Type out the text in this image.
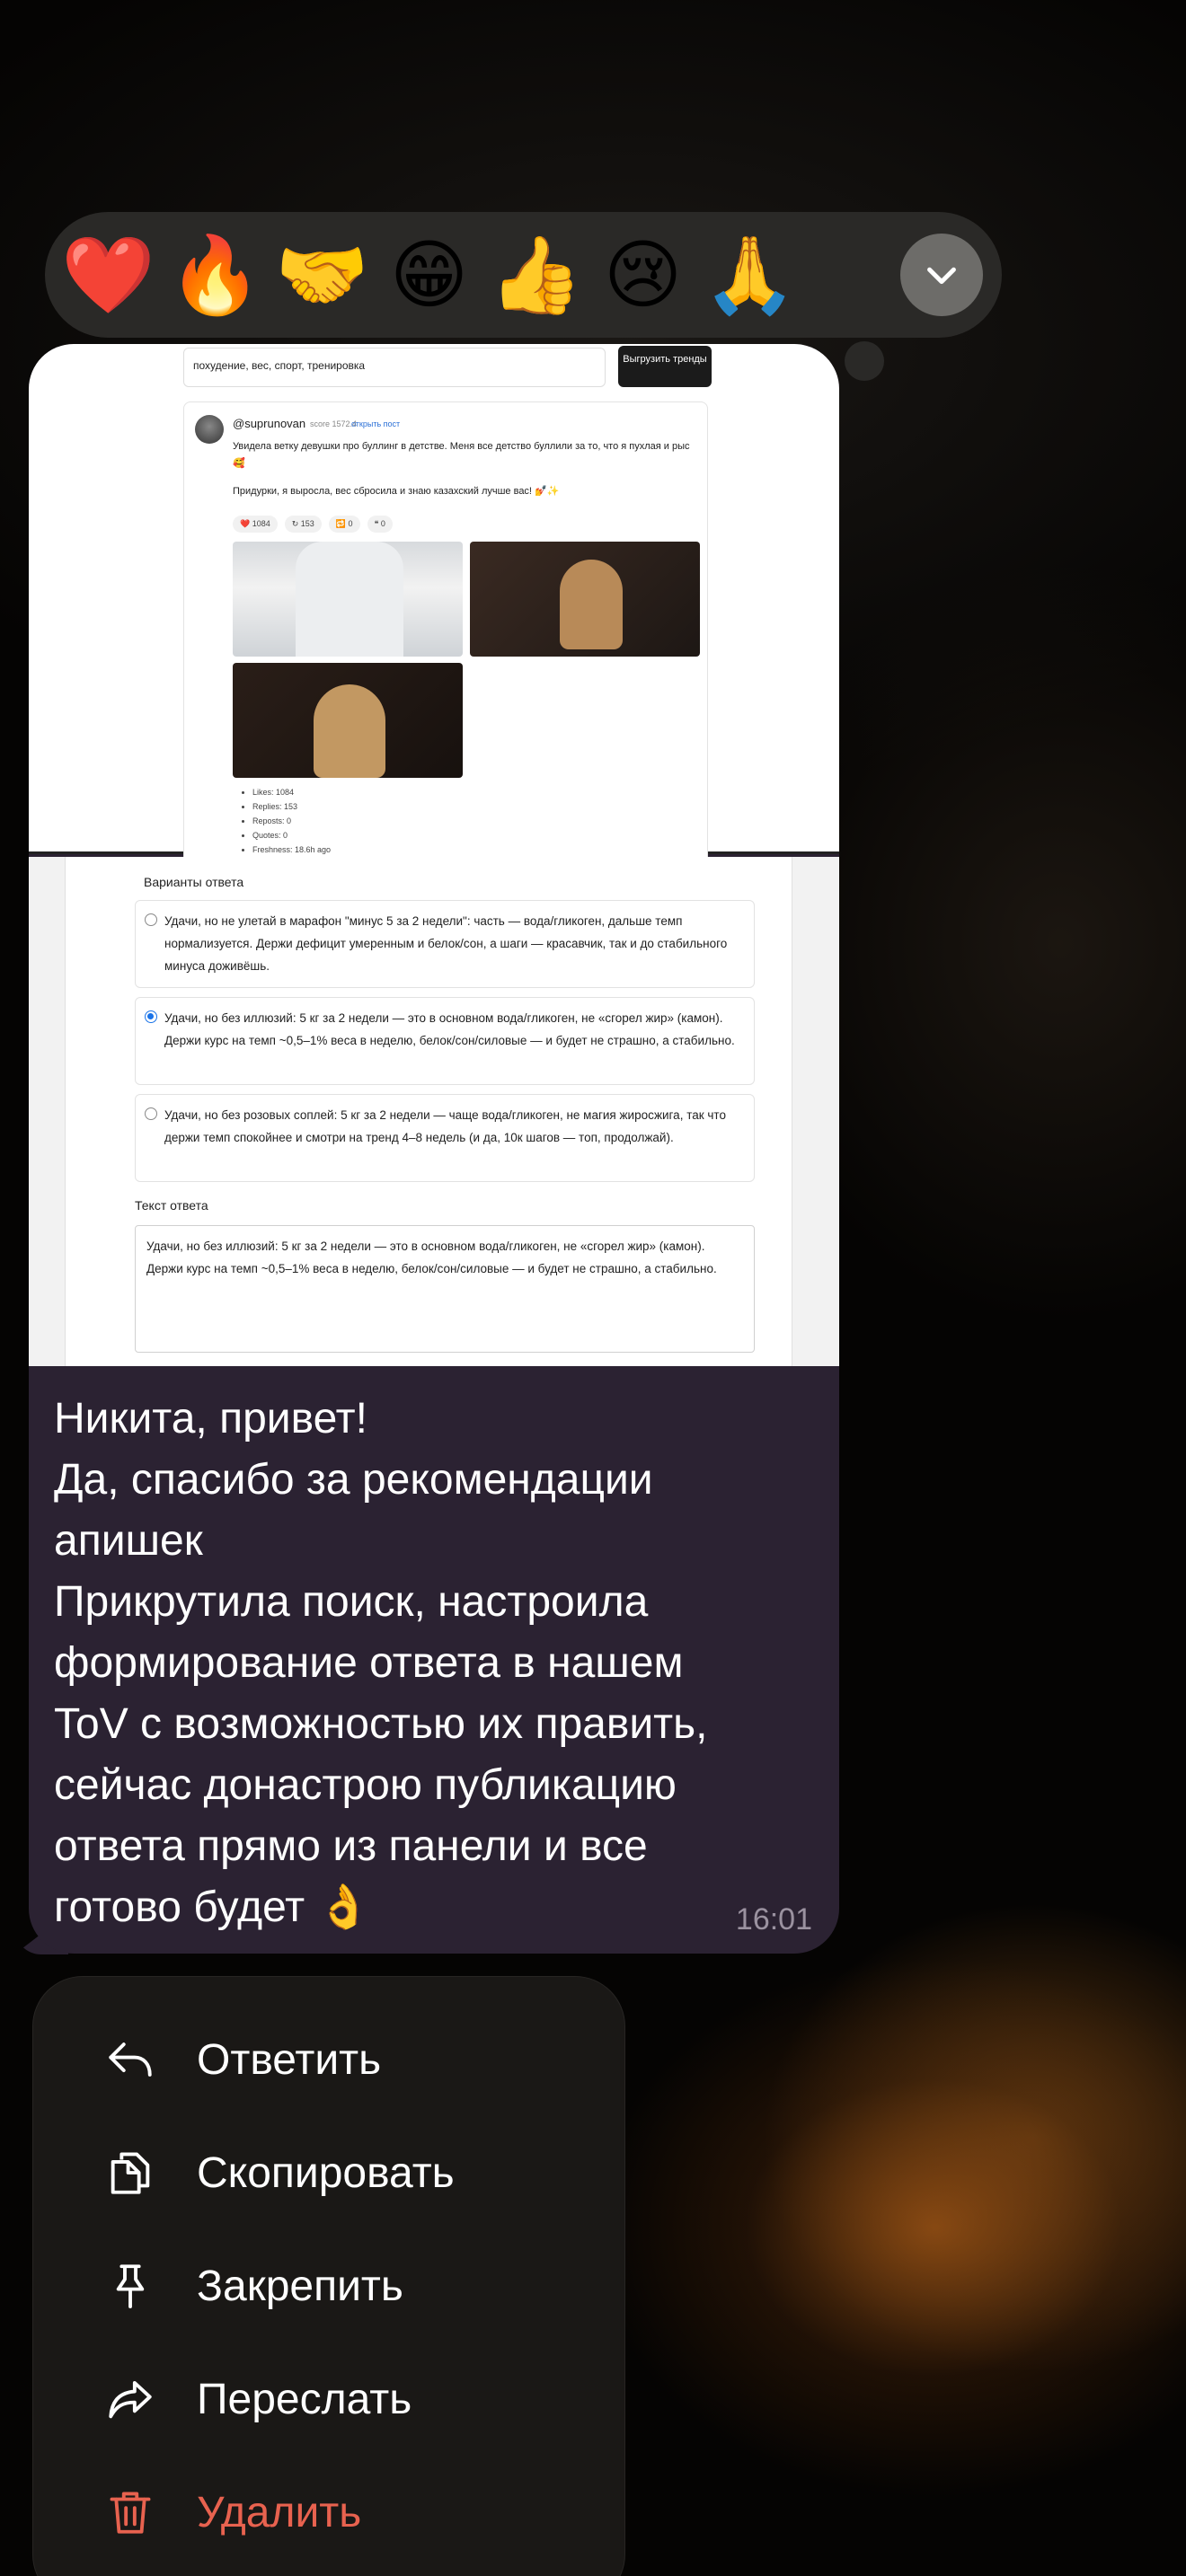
❤️ 🔥 🤝 😁 👍 😢 🙏
похудение, вес, спорт, тренировка	Выгрузить тренды
@suprunovan score 1572.4
открыть пост
Увидела ветку девушки про буллинг в детстве. Меня все детство буллили за то, что я пухлая и рыс 🥰
Придурки, я выросла, вес сбросила и знаю казахский лучше вас! 💅✨
❤️ 1084	↻ 153	🔁 0	❝ 0
• Likes: 1084
• Replies: 153
• Reposts: 0
• Quotes: 0
• Freshness: 18.6h ago
Варианты ответа
Удачи, но не улетай в марафон "минус 5 за 2 недели": часть — вода/гликоген, дальше темп нормализуется. Держи дефицит умеренным и белок/сон, а шаги — красавчик, так и до стабильного минуса доживёшь.
Удачи, но без иллюзий: 5 кг за 2 недели — это в основном вода/гликоген, не «сгорел жир» (камон). Держи курс на темп ~0,5–1% веса в неделю, белок/сон/силовые — и будет не страшно, а стабильно.
Удачи, но без розовых соплей: 5 кг за 2 недели — чаще вода/гликоген, не магия жиросжига, так что держи темп спокойнее и смотри на тренд 4–8 недель (и да, 10к шагов — топ, продолжай).
Текст ответа
Удачи, но без иллюзий: 5 кг за 2 недели — это в основном вода/гликоген, не «сгорел жир» (камон). Держи курс на темп ~0,5–1% веса в неделю, белок/сон/силовые — и будет не страшно, а стабильно.
Никита, привет!
Да, спасибо за рекомендации
апишек
Прикрутила поиск, настроила
формирование ответа в нашем
ToV с возможностью их править,
сейчас донастрою публикацию
ответа прямо из панели и все
готово будет 👌	16:01
Ответить
Скопировать
Закрепить
Переслать
Удалить
